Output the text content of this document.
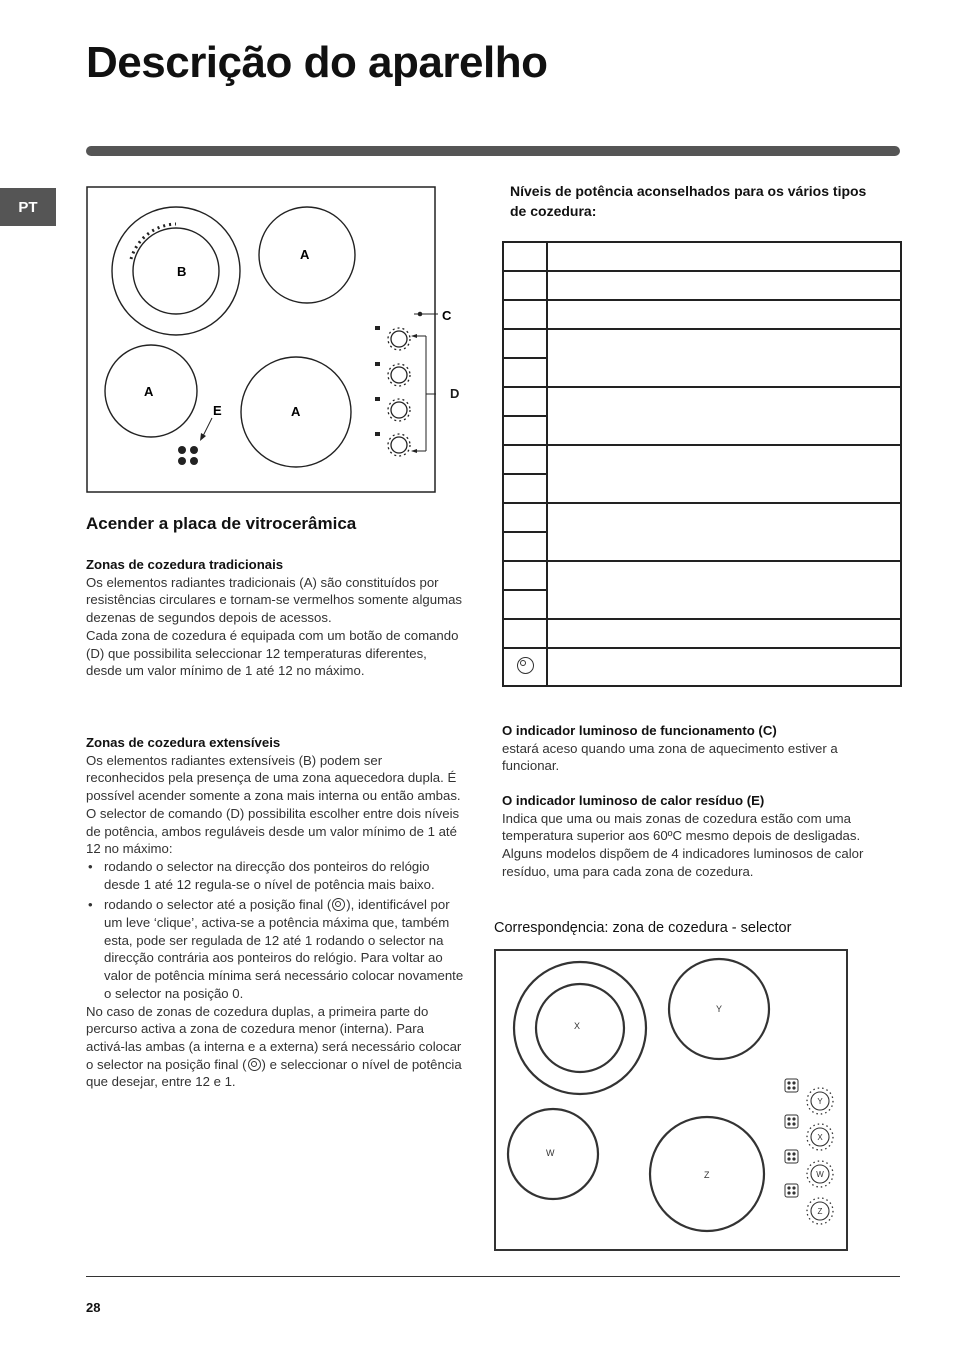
Descrição do aparelho
PT
B
A
A
A
E
C
D
Acender a placa de vitrocerâmica
Zonas de cozedura tradicionais

Os elementos radiantes tradicionais (A) são constituídos por resistências circulares e tornam-se vermelhos somente algumas dezenas de segundos depois de acessos.

Cada zona de cozedura é equipada com um botão de comando (D) que possibilita seleccionar 12 temperaturas diferentes, desde um valor mínimo de 1 até 12 no máximo.

Zonas de cozedura extensíveis

Os elementos radiantes extensíveis (B) podem ser reconhecidos pela presença de uma zona aquecedora dupla. É possível acender somente a zona mais interna ou então ambas.

O selector de comando (D) possibilita escolher entre dois níveis de potência, ambos reguláveis desde um valor mínimo de 1 até 12 no máximo:

• rodando o selector na direcção dos ponteiros do relógio desde 1 até 12 regula-se o nível de potência mais baixo.
• rodando o selector até a posição final ( ), identificável por um leve ‘clique’, activa-se a potência máxima que, também esta, pode ser regulada de 12 até 1 rodando o selector na direcção contrária aos ponteiros do relógio. Para voltar ao valor de potência mínima será necessário colocar novamente o selector na posição 0.

No caso de zonas de cozedura duplas, a primeira parte do percurso activa a zona de cozedura menor (interna). Para activá-las ambas (a interna e a externa) será necessário colocar o selector na posição final ( ) e seleccionar o nível de potência que desejar, entre 12 e 1.

Níveis de potência aconselhados para os vários tipos de cozedura:

O indicador luminoso de funcionamento (C)

estará aceso quando uma zona de aquecimento estiver a funcionar.

O indicador luminoso de calor resíduo (E)

Indica que uma ou mais zonas de cozedura estão com uma temperatura superior aos 60ºC mesmo depois de desligadas. Alguns modelos dispõem de 4 indicadores luminosos de calor resíduo, uma para cada zona de cozedura.

Correspondęncia: zona de cozedura - selector
X
Y
W
Z
Y
X
W
Z
28
